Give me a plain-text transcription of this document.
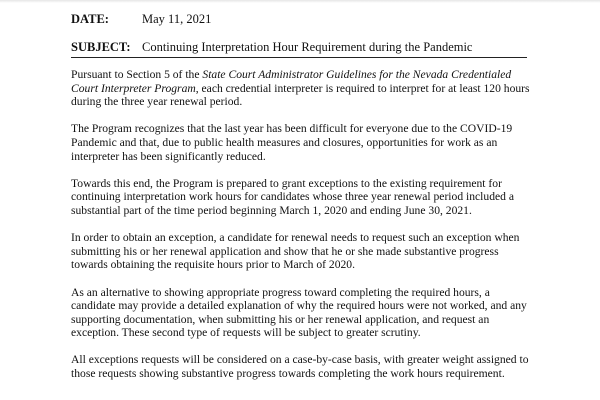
DATE:	May 11, 2021
SUBJECT: Continuing Interpretation Hour Requirement during the Pandemic

Pursuant to Section 5 of the State Court Administrator Guidelines for the Nevada Credentialed Court Interpreter Program, each credential interpreter is required to interpret for at least 120 hours during the three year renewal period.

The Program recognizes that the last year has been difficult for everyone due to the COVID-19 Pandemic and that, due to public health measures and closures, opportunities for work as an interpreter has been significantly reduced.

Towards this end, the Program is prepared to grant exceptions to the existing requirement for continuing interpretation work hours for candidates whose three year renewal period included a substantial part of the time period beginning March 1, 2020 and ending June 30, 2021.

In order to obtain an exception, a candidate for renewal needs to request such an exception when submitting his or her renewal application and show that he or she made substantive progress towards obtaining the requisite hours prior to March of 2020.

As an alternative to showing appropriate progress toward completing the required hours, a candidate may provide a detailed explanation of why the required hours were not worked, and any supporting documentation, when submitting his or her renewal application, and request an exception. These second type of requests will be subject to greater scrutiny.

All exceptions requests will be considered on a case-by-case basis, with greater weight assigned to those requests showing substantive progress towards completing the work hours requirement.
